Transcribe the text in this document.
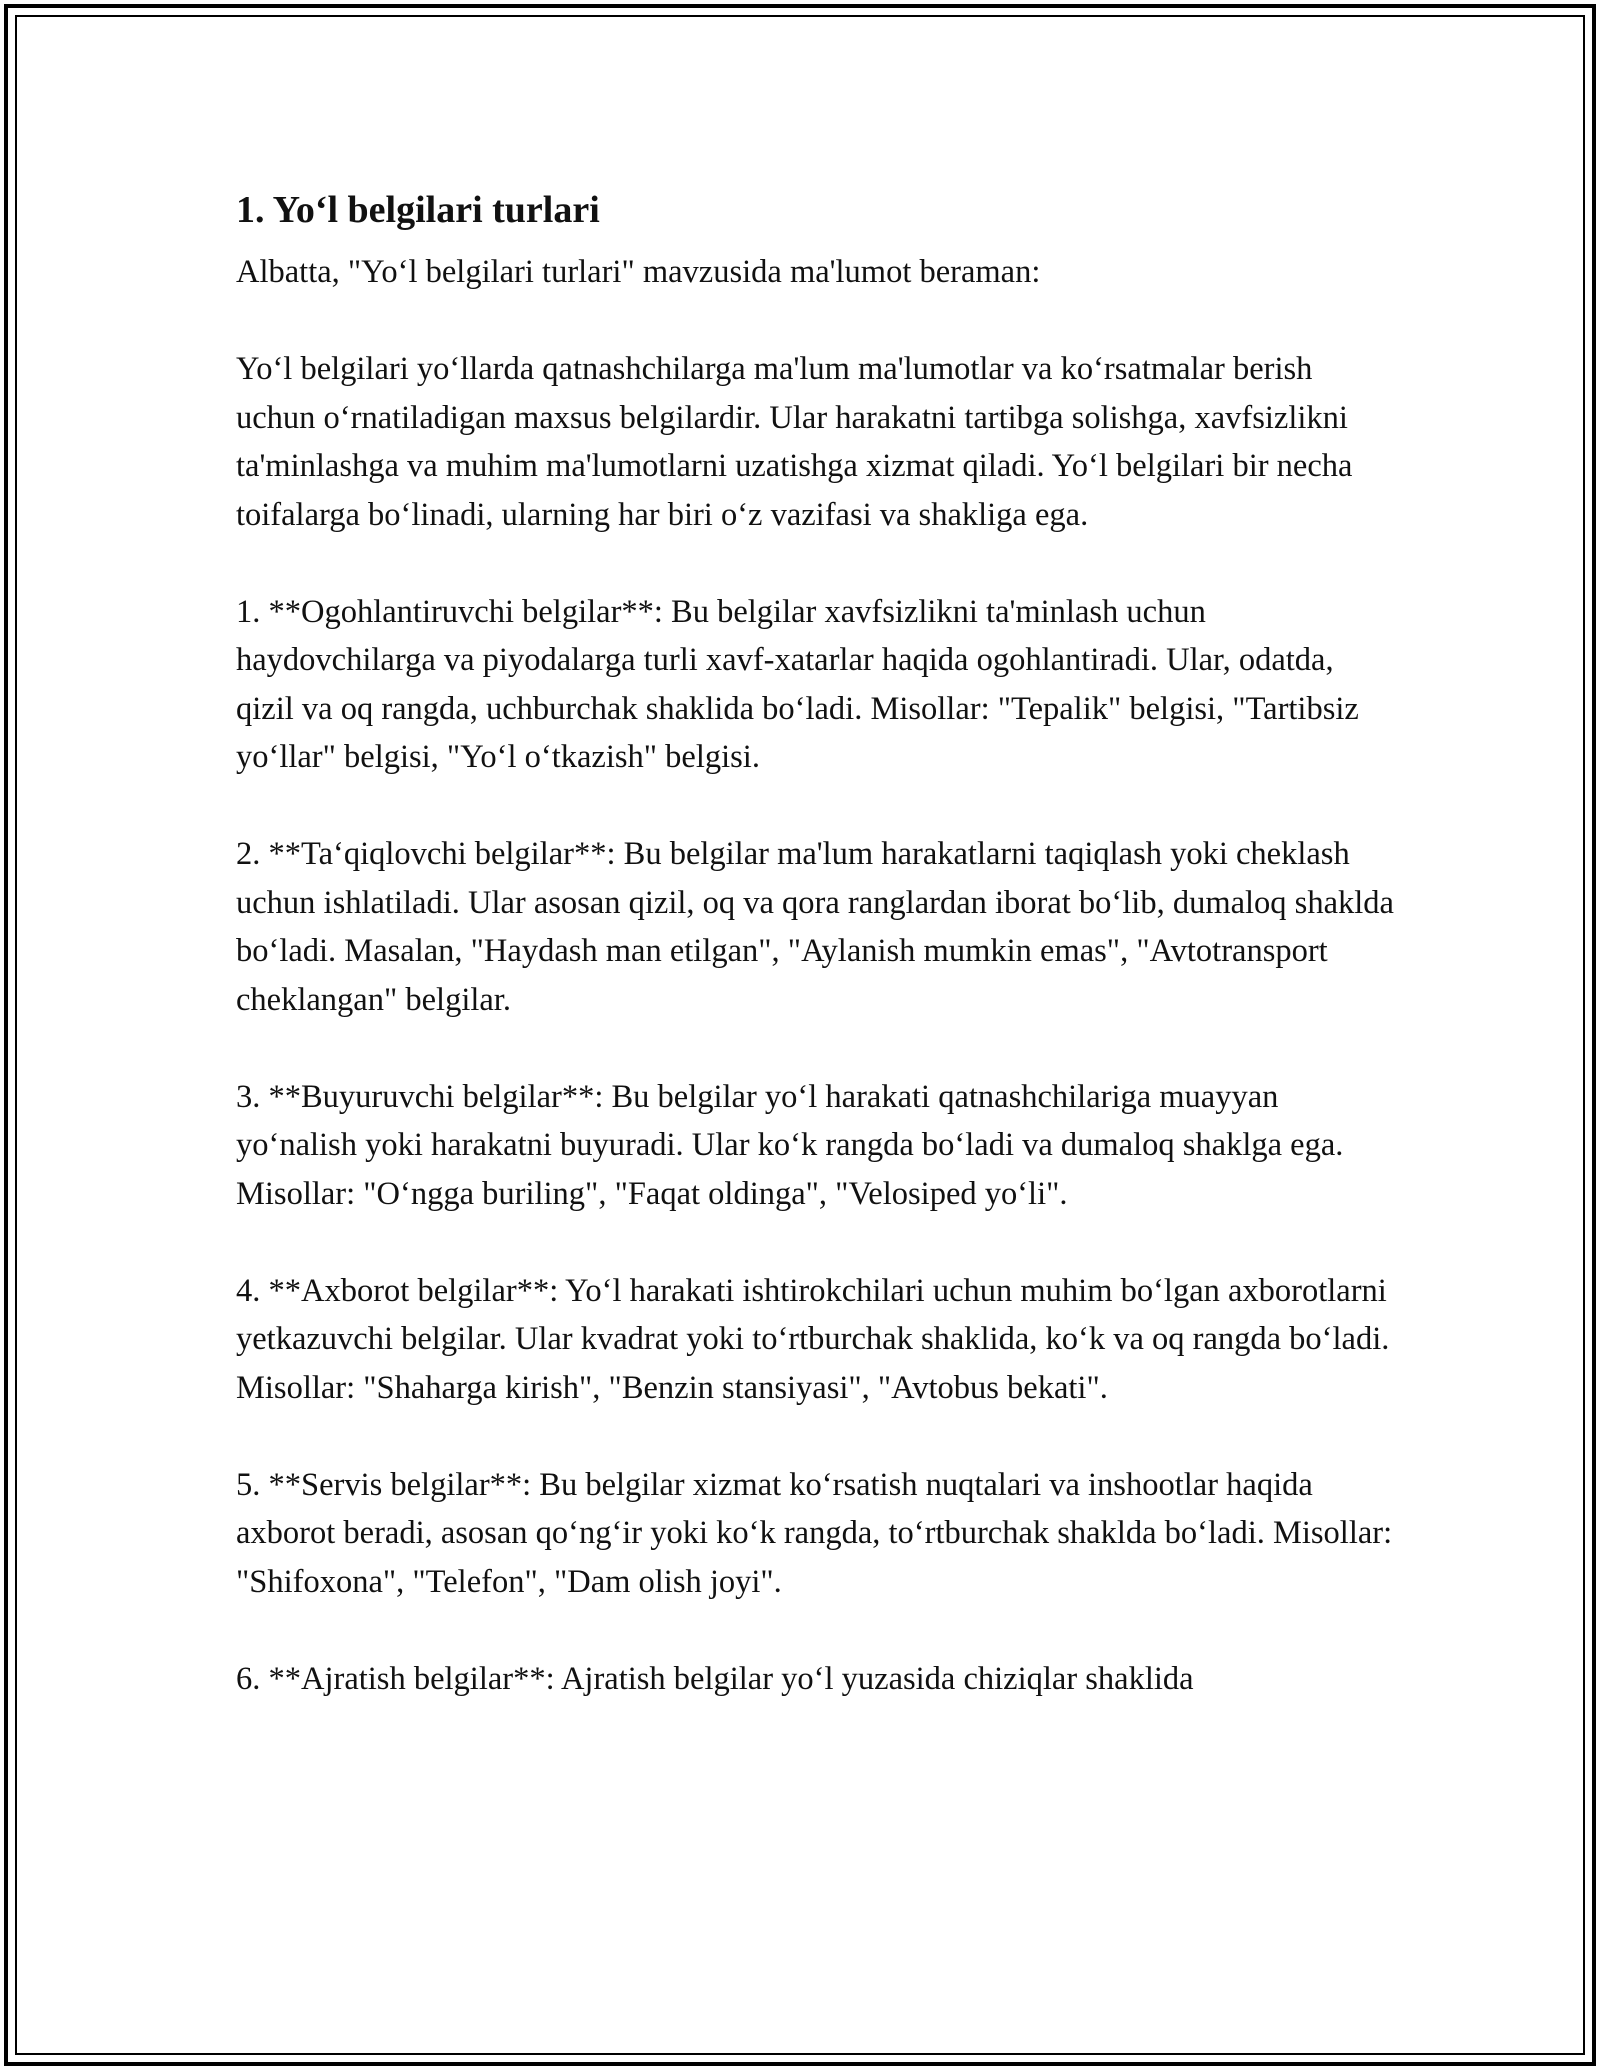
1. Yo‘l belgilari turlari

Albatta, "Yo‘l belgilari turlari" mavzusida ma'lumot beraman:

Yo‘l belgilari yo‘llarda qatnashchilarga ma'lum ma'lumotlar va ko‘rsatmalar berish uchun o‘rnatiladigan maxsus belgilardir. Ular harakatni tartibga solishga, xavfsizlikni ta'minlashga va muhim ma'lumotlarni uzatishga xizmat qiladi. Yo‘l belgilari bir necha toifalarga bo‘linadi, ularning har biri o‘z vazifasi va shakliga ega.

1. **Ogohlantiruvchi belgilar**: Bu belgilar xavfsizlikni ta'minlash uchun haydovchilarga va piyodalarga turli xavf-xatarlar haqida ogohlantiradi. Ular, odatda, qizil va oq rangda, uchburchak shaklida bo‘ladi. Misollar: "Tepalik" belgisi, "Tartibsiz yo‘llar" belgisi, "Yo‘l o‘tkazish" belgisi.

2. **Ta‘qiqlovchi belgilar**: Bu belgilar ma'lum harakatlarni taqiqlash yoki cheklash uchun ishlatiladi. Ular asosan qizil, oq va qora ranglardan iborat bo‘lib, dumaloq shaklda bo‘ladi. Masalan, "Haydash man etilgan", "Aylanish mumkin emas", "Avtotransport cheklangan" belgilar.

3. **Buyuruvchi belgilar**: Bu belgilar yo‘l harakati qatnashchilariga muayyan yo‘nalish yoki harakatni buyuradi. Ular ko‘k rangda bo‘ladi va dumaloq shaklga ega. Misollar: "O‘ngga buriling", "Faqat oldinga", "Velosiped yo‘li".

4. **Axborot belgilar**: Yo‘l harakati ishtirokchilari uchun muhim bo‘lgan axborotlarni yetkazuvchi belgilar. Ular kvadrat yoki to‘rtburchak shaklida, ko‘k va oq rangda bo‘ladi. Misollar: "Shaharga kirish", "Benzin stansiyasi", "Avtobus bekati".

5. **Servis belgilar**: Bu belgilar xizmat ko‘rsatish nuqtalari va inshootlar haqida axborot beradi, asosan qo‘ng‘ir yoki ko‘k rangda, to‘rtburchak shaklda bo‘ladi. Misollar: "Shifoxona", "Telefon", "Dam olish joyi".

6. **Ajratish belgilar**: Ajratish belgilar yo‘l yuzasida chiziqlar shaklida
